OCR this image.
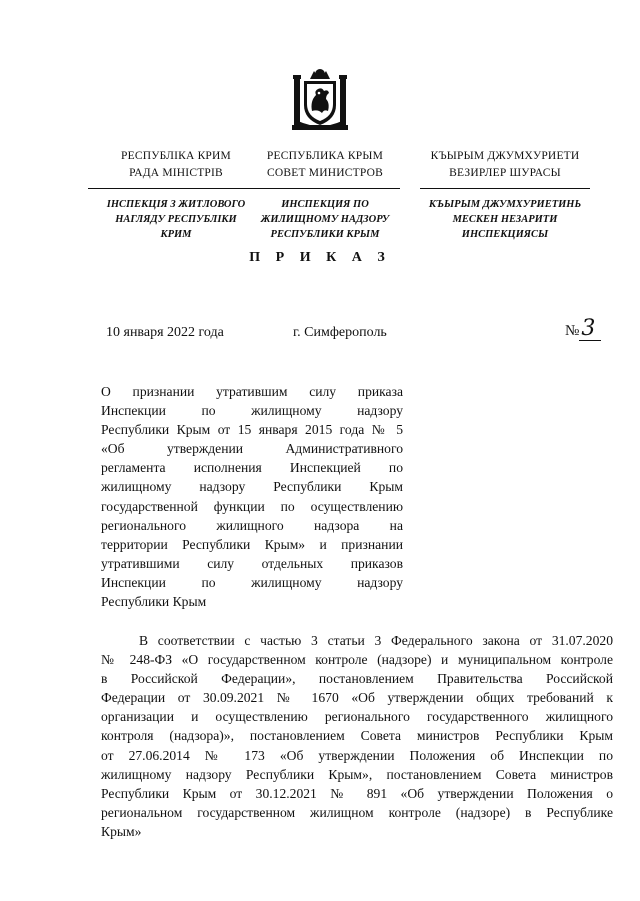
РЕСПУБЛІКА КРИМ
РАДА МІНІСТРІВ
ІНСПЕКЦІЯ З ЖИТЛОВОГО
НАГЛЯДУ РЕСПУБЛІКИ
КРИМ
РЕСПУБЛИКА КРЫМ
СОВЕТ МИНИСТРОВ
ИНСПЕКЦИЯ ПО
ЖИЛИЩНОМУ НАДЗОРУ
РЕСПУБЛИКИ КРЫМ
КЪЫРЫМ ДЖУМХУРИЕТИ
ВЕЗИРЛЕР ШУРАСЫ
КЪЫРЫМ ДЖУМХУРИЕТИНЬ
МЕСКЕН НЕЗАРИТИ
ИНСПЕКЦИЯСЫ
П Р И К А З
10 января 2022 года	г. Симферополь	№3
О признании утратившим силу приказа
Инспекции по жилищному надзору
Республики Крым от 15 января 2015 года № 5
«Об утверждении Административного
регламента исполнения Инспекцией по
жилищному надзору Республики Крым
государственной функции по осуществлению
регионального жилищного надзора на
территории Республики Крым» и признании
утратившими силу отдельных приказов
Инспекции по жилищному надзору
Республики Крым
В соответствии с частью 3 статьи 3 Федерального закона от 31.07.2020
№ 248-ФЗ «О государственном контроле (надзоре) и муниципальном контроле
в Российской Федерации», постановлением Правительства Российской
Федерации от 30.09.2021 № 1670 «Об утверждении общих требований к
организации и осуществлению регионального государственного жилищного
контроля (надзора)», постановлением Совета министров Республики Крым
от 27.06.2014 № 173 «Об утверждении Положения об Инспекции по
жилищному надзору Республики Крым», постановлением Совета министров
Республики Крым от 30.12.2021 № 891 «Об утверждении Положения о
региональном государственном жилищном контроле (надзоре) в Республике
Крым»
